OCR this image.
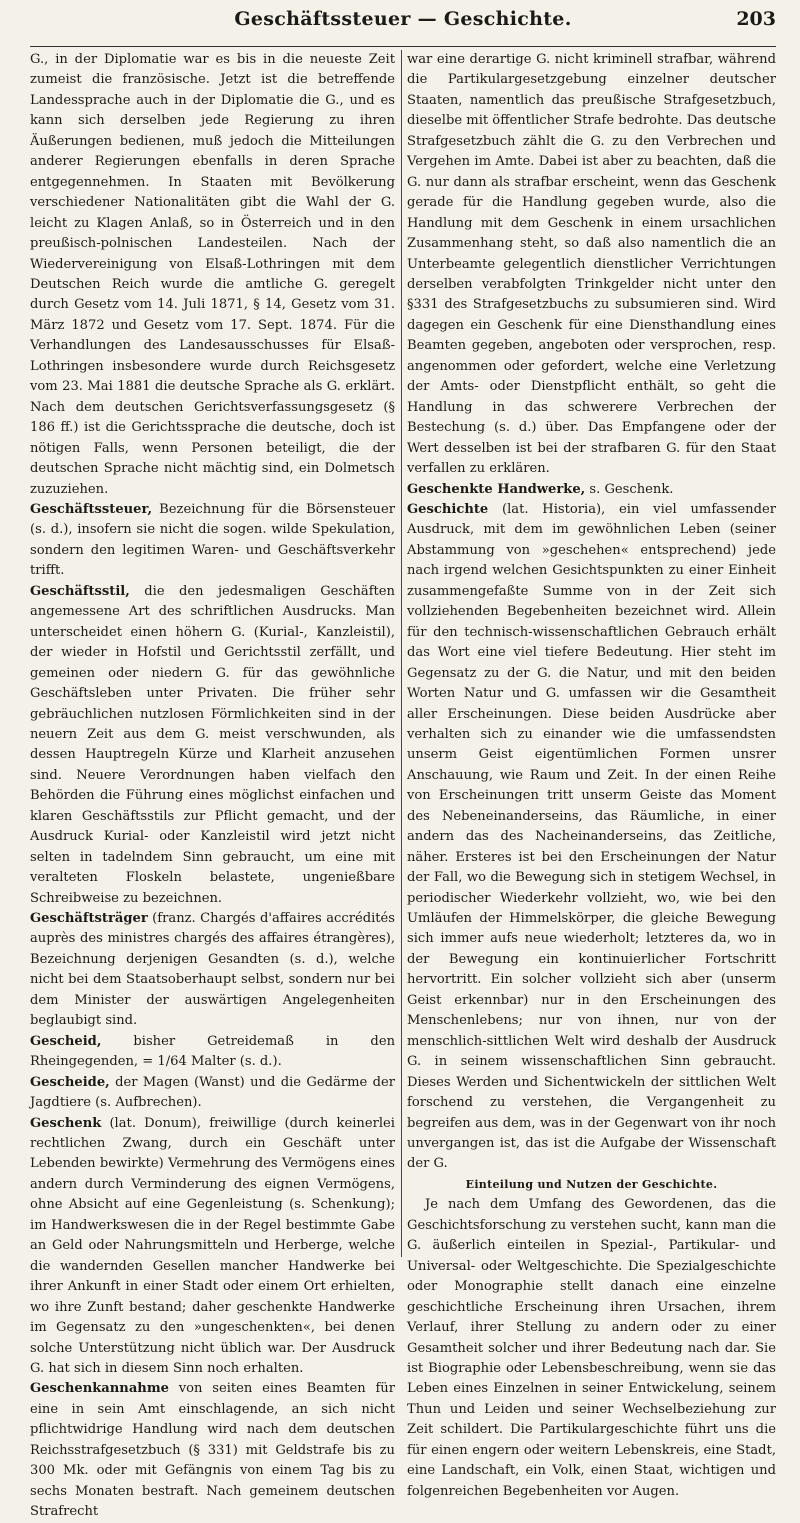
Geschäftssteuer — Geschichte.	203

G., in der Diplomatie war es bis in die neueste Zeit zumeist die französische. Jetzt ist die betreffende Landessprache auch in der Diplomatie die G., und es kann sich derselben jede Regierung zu ihren Äußerungen bedienen, muß jedoch die Mitteilungen anderer Regierungen ebenfalls in deren Sprache entgegennehmen. In Staaten mit Bevölkerung verschiedener Nationalitäten gibt die Wahl der G. leicht zu Klagen Anlaß, so in Österreich und in den preußisch-polnischen Landesteilen. Nach der Wiedervereinigung von Elsaß-Lothringen mit dem Deutschen Reich wurde die amtliche G. geregelt durch Gesetz vom 14. Juli 1871, § 14, Gesetz vom 31. März 1872 und Gesetz vom 17. Sept. 1874. Für die Verhandlungen des Landesausschusses für Elsaß-Lothringen insbesondere wurde durch Reichsgesetz vom 23. Mai 1881 die deutsche Sprache als G. erklärt. Nach dem deutschen Gerichtsverfassungsgesetz (§ 186 ff.) ist die Gerichtssprache die deutsche, doch ist nötigen Falls, wenn Personen beteiligt, die der deutschen Sprache nicht mächtig sind, ein Dolmetsch zuzuziehen.

Geschäftssteuer, Bezeichnung für die Börsensteuer (s. d.), insofern sie nicht die sogen. wilde Spekulation, sondern den legitimen Waren- und Geschäftsverkehr trifft.

Geschäftsstil, die den jedesmaligen Geschäften angemessene Art des schriftlichen Ausdrucks. Man unterscheidet einen höhern G. (Kurial-, Kanzleistil), der wieder in Hofstil und Gerichtsstil zerfällt, und gemeinen oder niedern G. für das gewöhnliche Geschäftsleben unter Privaten. Die früher sehr gebräuchlichen nutzlosen Förmlichkeiten sind in der neuern Zeit aus dem G. meist verschwunden, als dessen Hauptregeln Kürze und Klarheit anzusehen sind. Neuere Verordnungen haben vielfach den Behörden die Führung eines möglichst einfachen und klaren Geschäftsstils zur Pflicht gemacht, und der Ausdruck Kurial- oder Kanzleistil wird jetzt nicht selten in tadelndem Sinn gebraucht, um eine mit veralteten Floskeln belastete, ungenießbare Schreibweise zu bezeichnen.

Geschäftsträger (franz. Chargés d'affaires accrédités auprès des ministres chargés des affaires étrangères), Bezeichnung derjenigen Gesandten (s. d.), welche nicht bei dem Staatsoberhaupt selbst, sondern nur bei dem Minister der auswärtigen Angelegenheiten beglaubigt sind.

Gescheid, bisher Getreidemaß in den Rheingegenden, = 1/64 Malter (s. d.).

Gescheide, der Magen (Wanst) und die Gedärme der Jagdtiere (s. Aufbrechen).

Geschenk (lat. Donum), freiwillige (durch keinerlei rechtlichen Zwang, durch ein Geschäft unter Lebenden bewirkte) Vermehrung des Vermögens eines andern durch Verminderung des eignen Vermögens, ohne Absicht auf eine Gegenleistung (s. Schenkung); im Handwerkswesen die in der Regel bestimmte Gabe an Geld oder Nahrungsmitteln und Herberge, welche die wandernden Gesellen mancher Handwerke bei ihrer Ankunft in einer Stadt oder einem Ort erhielten, wo ihre Zunft bestand; daher geschenkte Handwerke im Gegensatz zu den »ungeschenkten«, bei denen solche Unterstützung nicht üblich war. Der Ausdruck G. hat sich in diesem Sinn noch erhalten.

Geschenkannahme von seiten eines Beamten für eine in sein Amt einschlagende, an sich nicht pflichtwidrige Handlung wird nach dem deutschen Reichsstrafgesetzbuch (§ 331) mit Geldstrafe bis zu 300 Mk. oder mit Gefängnis von einem Tag bis zu sechs Monaten bestraft. Nach gemeinem deutschen Strafrecht

war eine derartige G. nicht kriminell strafbar, während die Partikulargesetzgebung einzelner deutscher Staaten, namentlich das preußische Strafgesetzbuch, dieselbe mit öffentlicher Strafe bedrohte. Das deutsche Strafgesetzbuch zählt die G. zu den Verbrechen und Vergehen im Amte. Dabei ist aber zu beachten, daß die G. nur dann als strafbar erscheint, wenn das Geschenk gerade für die Handlung gegeben wurde, also die Handlung mit dem Geschenk in einem ursachlichen Zusammenhang steht, so daß also namentlich die an Unterbeamte gelegentlich dienstlicher Verrichtungen derselben verabfolgten Trinkgelder nicht unter den §331 des Strafgesetzbuchs zu subsumieren sind. Wird dagegen ein Geschenk für eine Diensthandlung eines Beamten gegeben, angeboten oder versprochen, resp. angenommen oder gefordert, welche eine Verletzung der Amts- oder Dienstpflicht enthält, so geht die Handlung in das schwerere Verbrechen der Bestechung (s. d.) über. Das Empfangene oder der Wert desselben ist bei der strafbaren G. für den Staat verfallen zu erklären.

Geschenkte Handwerke, s. Geschenk.

Geschichte (lat. Historia), ein viel umfassender Ausdruck, mit dem im gewöhnlichen Leben (seiner Abstammung von »geschehen« entsprechend) jede nach irgend welchen Gesichtspunkten zu einer Einheit zusammengefaßte Summe von in der Zeit sich vollziehenden Begebenheiten bezeichnet wird. Allein für den technisch-wissenschaftlichen Gebrauch erhält das Wort eine viel tiefere Bedeutung. Hier steht im Gegensatz zu der G. die Natur, und mit den beiden Worten Natur und G. umfassen wir die Gesamtheit aller Erscheinungen. Diese beiden Ausdrücke aber verhalten sich zu einander wie die umfassendsten unserm Geist eigentümlichen Formen unsrer Anschauung, wie Raum und Zeit. In der einen Reihe von Erscheinungen tritt unserm Geiste das Moment des Nebeneinanderseins, das Räumliche, in einer andern das des Nacheinanderseins, das Zeitliche, näher. Ersteres ist bei den Erscheinungen der Natur der Fall, wo die Bewegung sich in stetigem Wechsel, in periodischer Wiederkehr vollzieht, wo, wie bei den Umläufen der Himmelskörper, die gleiche Bewegung sich immer aufs neue wiederholt; letzteres da, wo in der Bewegung ein kontinuierlicher Fortschritt hervortritt. Ein solcher vollzieht sich aber (unserm Geist erkennbar) nur in den Erscheinungen des Menschenlebens; nur von ihnen, nur von der menschlich-sittlichen Welt wird deshalb der Ausdruck G. in seinem wissenschaftlichen Sinn gebraucht. Dieses Werden und Sichentwickeln der sittlichen Welt forschend zu verstehen, die Vergangenheit zu begreifen aus dem, was in der Gegenwart von ihr noch unvergangen ist, das ist die Aufgabe der Wissenschaft der G.

Einteilung und Nutzen der Geschichte.

Je nach dem Umfang des Gewordenen, das die Geschichtsforschung zu verstehen sucht, kann man die G. äußerlich einteilen in Spezial-, Partikular- und Universal- oder Weltgeschichte. Die Spezialgeschichte oder Monographie stellt danach eine einzelne geschichtliche Erscheinung ihren Ursachen, ihrem Verlauf, ihrer Stellung zu andern oder zu einer Gesamtheit solcher und ihrer Bedeutung nach dar. Sie ist Biographie oder Lebensbeschreibung, wenn sie das Leben eines Einzelnen in seiner Entwickelung, seinem Thun und Leiden und seiner Wechselbeziehung zur Zeit schildert. Die Partikulargeschichte führt uns die für einen engern oder weitern Lebenskreis, eine Stadt, eine Landschaft, ein Volk, einen Staat, wichtigen und folgenreichen Begebenheiten vor Augen.
